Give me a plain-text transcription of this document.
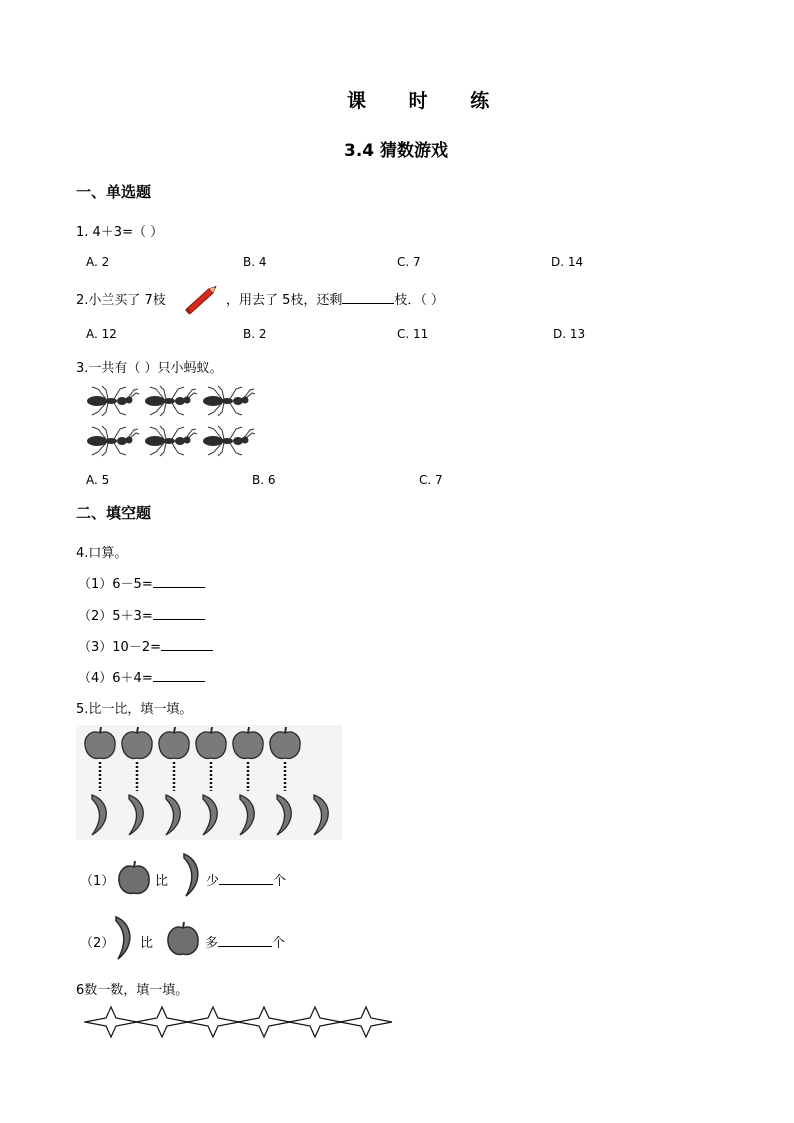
课 时 练
3.4 猜数游戏
一、单选题
1. 4＋3=（ ）
A. 2	B. 4	C. 7	D. 14
2.小兰买了 7枝	，用去了 5枝，还剩	枝．（ ）
A. 12	B. 2	C. 11	D. 13
3.一共有（ ）只小蚂蚁。
A. 5	B. 6	C. 7
二、填空题
4.口算。
（1）6－5=
（2）5＋3=
（3）10－2=
（4）6＋4=
5.比一比，填一填。
（1）	比	少	个
（2） 比	多	个
6数一数，填一填。
